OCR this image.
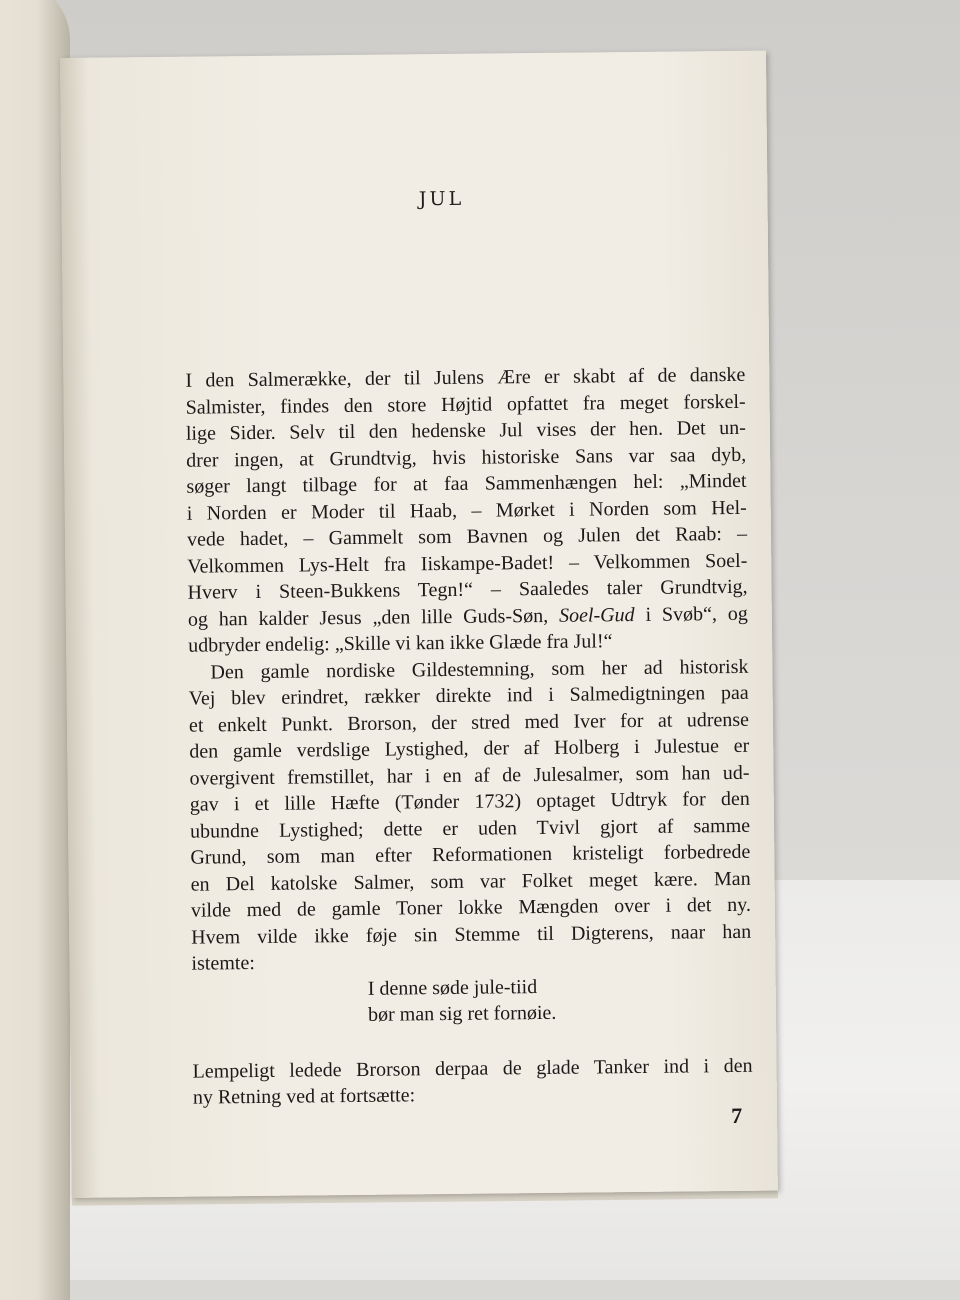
JUL
I den Salmerække, der til Julens Ære er skabt af de danske
Salmister, findes den store Højtid opfattet fra meget forskel-
lige Sider. Selv til den hedenske Jul vises der hen. Det un-
drer ingen, at Grundtvig, hvis historiske Sans var saa dyb,
søger langt tilbage for at faa Sammenhængen hel: „Mindet
i Norden er Moder til Haab, – Mørket i Norden som Hel-
vede hadet, – Gammelt som Bavnen og Julen det Raab: –
Velkommen Lys-Helt fra Iiskampe-Badet! – Velkommen Soel-
Hverv i Steen-Bukkens Tegn!“ – Saaledes taler Grundtvig,
og han kalder Jesus „den lille Guds-Søn, Soel-Gud i Svøb“, og
udbryder endelig: „Skille vi kan ikke Glæde fra Jul!“
Den gamle nordiske Gildestemning, som her ad historisk
Vej blev erindret, rækker direkte ind i Salmedigtningen paa
et enkelt Punkt. Brorson, der stred med Iver for at udrense
den gamle verdslige Lystighed, der af Holberg i Julestue er
overgivent fremstillet, har i en af de Julesalmer, som han ud-
gav i et lille Hæfte (Tønder 1732) optaget Udtryk for den
ubundne Lystighed; dette er uden Tvivl gjort af samme
Grund, som man efter Reformationen kristeligt forbedrede
en Del katolske Salmer, som var Folket meget kære. Man
vilde med de gamle Toner lokke Mængden over i det ny.
Hvem vilde ikke føje sin Stemme til Digterens, naar han
istemte:
I denne søde jule-tiid
bør man sig ret fornøie.
Lempeligt ledede Brorson derpaa de glade Tanker ind i den
ny Retning ved at fortsætte:
7
